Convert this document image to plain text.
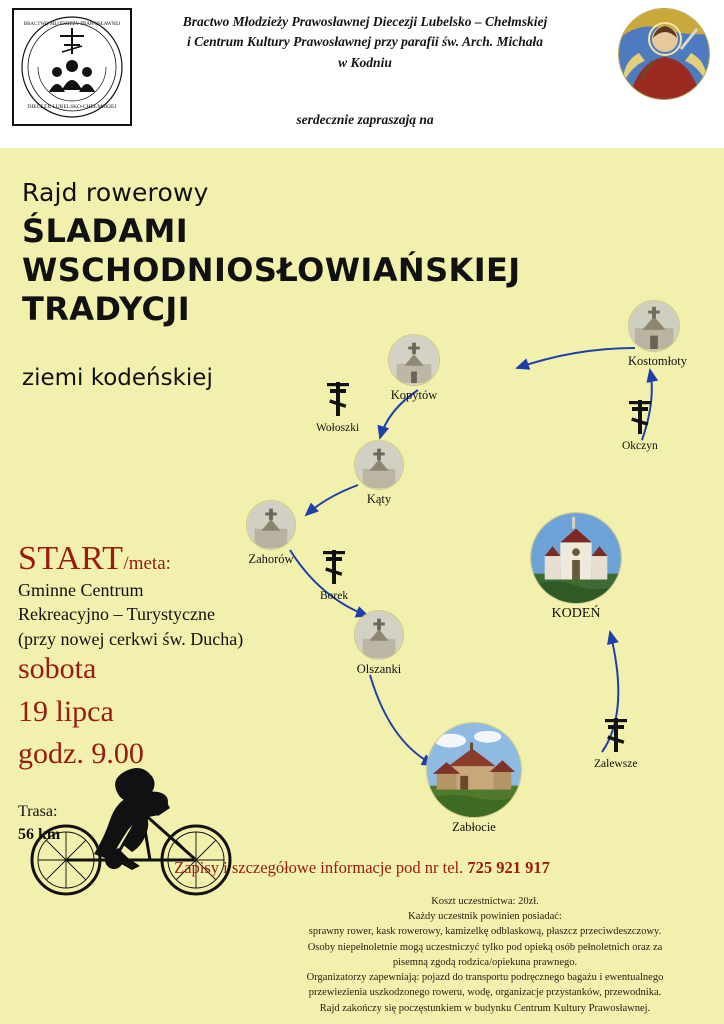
DIECEZJI LUBELSKO-CHEŁMSKIEJ
BRACTWO MŁODZIEŻY PRAWOSŁAWNEJ	Bractwo Młodzieży Prawosławnej Diecezji Lubelsko – Chełmskiej
i Centrum Kultury Prawosławnej przy parafii św. Arch. Michała
w Kodniu
serdecznie zapraszają na
Rajd rowerowy
ŚLADAMI
WSCHODNIOSŁOWIAŃSKIEJ
TRADYCJI
ziemi kodeńskiej
START/meta:
Gminne Centrum
Rekreacyjno – Turystyczne
(przy nowej cerkwi św. Ducha)
sobota
19 lipca
godz. 9.00
Trasa:
56 km
Kostomłoty
Okczyn
Kopytów
Wołoszki
Kąty
Zahorów
Borek
Olszanki
KODEŃ
Zalewsze
Zabłocie
Zapisy i szczegółowe informacje pod nr tel. 725 921 917
Koszt uczestnictwa: 20zł.
Każdy uczestnik powinien posiadać:
sprawny rower, kask rowerowy, kamizelkę odblaskową, płaszcz przeciwdeszczowy.
Osoby niepełnoletnie mogą uczestniczyć tylko pod opieką osób pełnoletnich oraz za
pisemną zgodą rodzica/opiekuna prawnego.
Organizatorzy zapewniają: pojazd do transportu podręcznego bagażu i ewentualnego
przewiezienia uszkodzonego roweru, wodę, organizacje przystanków, przewodnika.
Rajd zakończy się poczęstunkiem w budynku Centrum Kultury Prawosławnej.
